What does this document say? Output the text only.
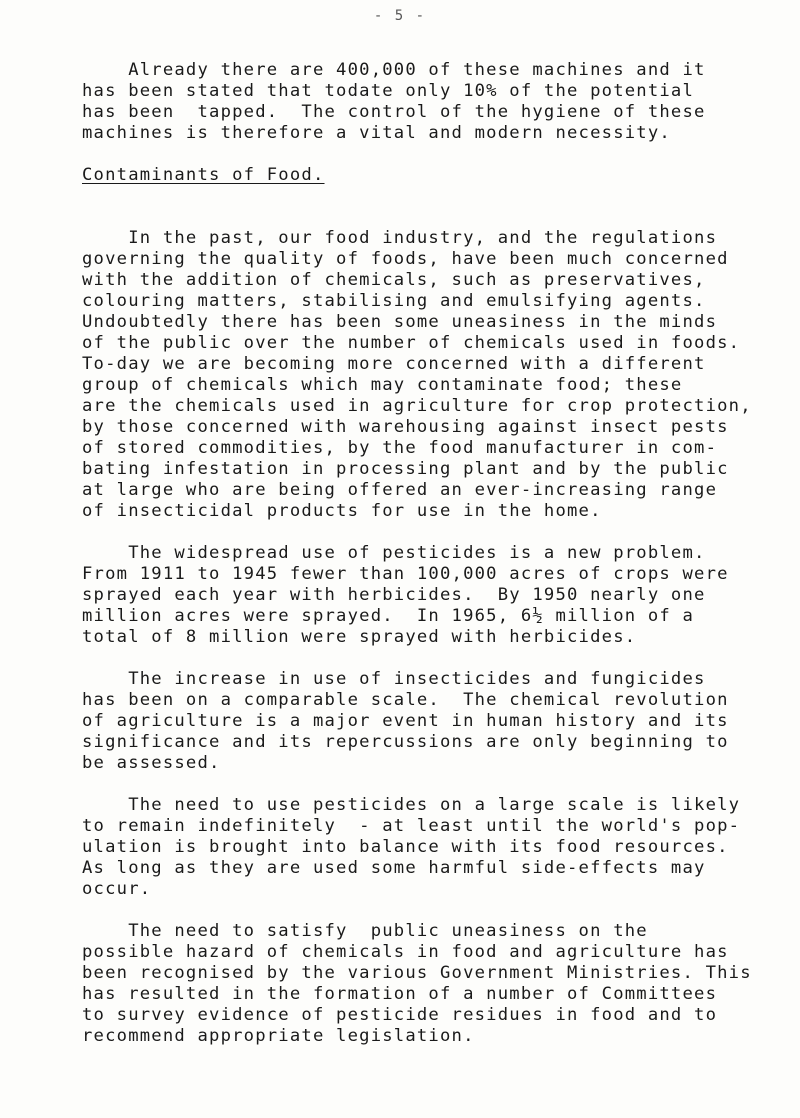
- 5 -
Already there are 400,000 of these machines and it
has been stated that todate only 10% of the potential
has been  tapped.  The control of the hygiene of these
machines is therefore a vital and modern necessity.
Contaminants of Food.
In the past, our food industry, and the regulations
governing the quality of foods, have been much concerned
with the addition of chemicals, such as preservatives,
colouring matters, stabilising and emulsifying agents.
Undoubtedly there has been some uneasiness in the minds
of the public over the number of chemicals used in foods.
To-day we are becoming more concerned with a different
group of chemicals which may contaminate food; these
are the chemicals used in agriculture for crop protection,
by those concerned with warehousing against insect pests
of stored commodities, by the food manufacturer in com-
bating infestation in processing plant and by the public
at large who are being offered an ever-increasing range
of insecticidal products for use in the home.
The widespread use of pesticides is a new problem.
From 1911 to 1945 fewer than 100,000 acres of crops were
sprayed each year with herbicides.  By 1950 nearly one
million acres were sprayed.  In 1965, 6½ million of a
total of 8 million were sprayed with herbicides.
The increase in use of insecticides and fungicides
has been on a comparable scale.  The chemical revolution
of agriculture is a major event in human history and its
significance and its repercussions are only beginning to
be assessed.
The need to use pesticides on a large scale is likely
to remain indefinitely  - at least until the world's pop-
ulation is brought into balance with its food resources.
As long as they are used some harmful side-effects may
occur.
The need to satisfy  public uneasiness on the
possible hazard of chemicals in food and agriculture has
been recognised by the various Government Ministries. This
has resulted in the formation of a number of Committees
to survey evidence of pesticide residues in food and to
recommend appropriate legislation.
